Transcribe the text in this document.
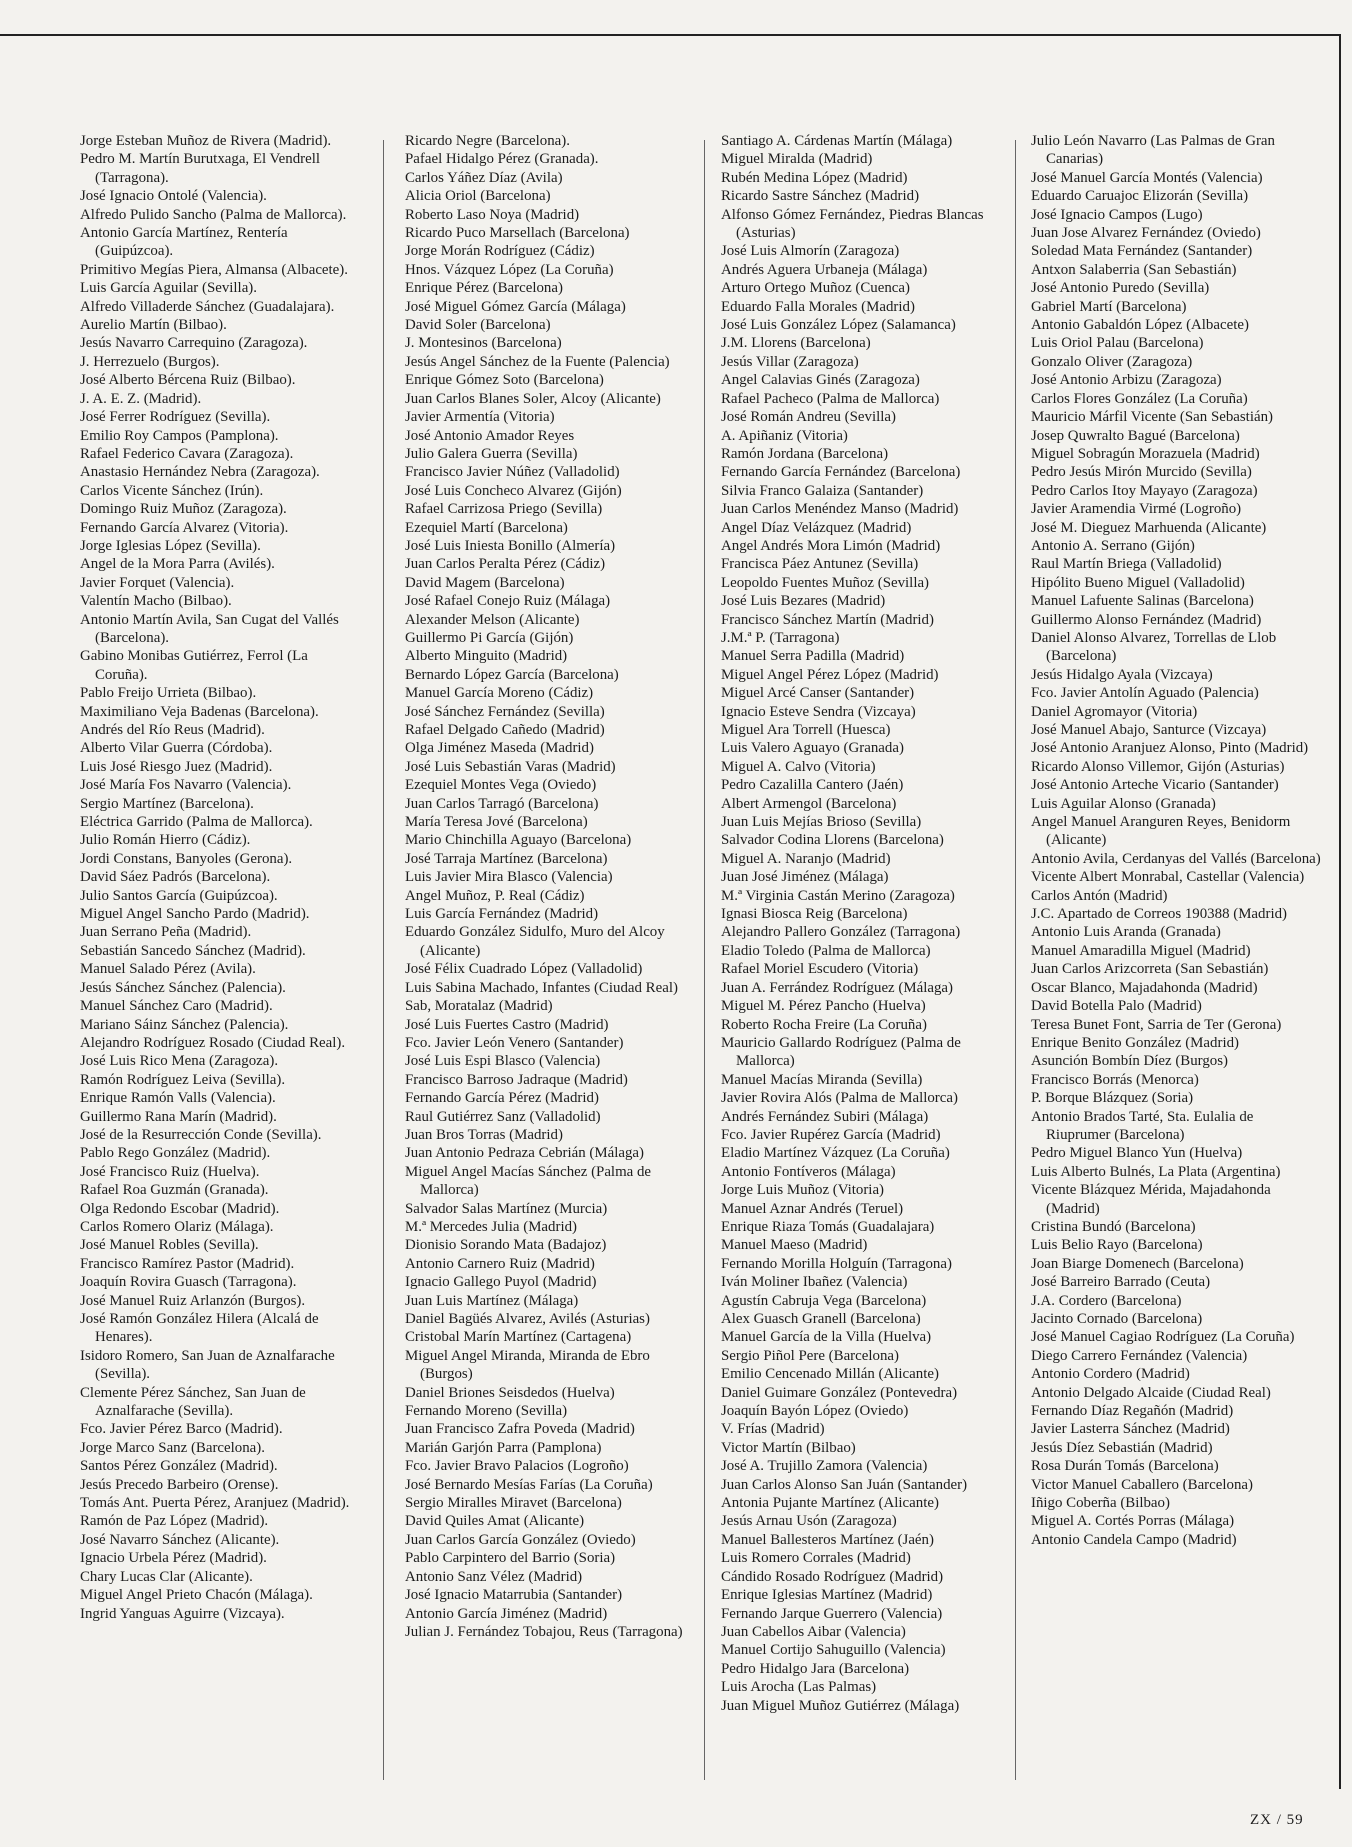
Jorge Esteban Muñoz de Rivera (Madrid).

Pedro M. Martín Burutxaga, El Vendrell (Tarragona).

José Ignacio Ontolé (Valencia).

Alfredo Pulido Sancho (Palma de Mallorca).

Antonio García Martínez, Rentería (Guipúzcoa).

Primitivo Megías Piera, Almansa (Albacete).

Luis García Aguilar (Sevilla).

Alfredo Villaderde Sánchez (Guadalajara).

Aurelio Martín (Bilbao).

Jesús Navarro Carrequino (Zaragoza).

J. Herrezuelo (Burgos).

José Alberto Bércena Ruiz (Bilbao).

J. A. E. Z. (Madrid).

José Ferrer Rodríguez (Sevilla).

Emilio Roy Campos (Pamplona).

Rafael Federico Cavara (Zaragoza).

Anastasio Hernández Nebra (Zaragoza).

Carlos Vicente Sánchez (Irún).

Domingo Ruiz Muñoz (Zaragoza).

Fernando García Alvarez (Vitoria).

Jorge Iglesias López (Sevilla).

Angel de la Mora Parra (Avilés).

Javier Forquet (Valencia).

Valentín Macho (Bilbao).

Antonio Martín Avila, San Cugat del Vallés (Barcelona).

Gabino Monibas Gutiérrez, Ferrol (La Coruña).

Pablo Freijo Urrieta (Bilbao).

Maximiliano Veja Badenas (Barcelona).

Andrés del Río Reus (Madrid).

Alberto Vilar Guerra (Córdoba).

Luis José Riesgo Juez (Madrid).

José María Fos Navarro (Valencia).

Sergio Martínez (Barcelona).

Eléctrica Garrido (Palma de Mallorca).

Julio Román Hierro (Cádiz).

Jordi Constans, Banyoles (Gerona).

David Sáez Padrós (Barcelona).

Julio Santos García (Guipúzcoa).

Miguel Angel Sancho Pardo (Madrid).

Juan Serrano Peña (Madrid).

Sebastián Sancedo Sánchez (Madrid).

Manuel Salado Pérez (Avila).

Jesús Sánchez Sánchez (Palencia).

Manuel Sánchez Caro (Madrid).

Mariano Sáinz Sánchez (Palencia).

Alejandro Rodríguez Rosado (Ciudad Real).

José Luis Rico Mena (Zaragoza).

Ramón Rodríguez Leiva (Sevilla).

Enrique Ramón Valls (Valencia).

Guillermo Rana Marín (Madrid).

José de la Resurrección Conde (Sevilla).

Pablo Rego González (Madrid).

José Francisco Ruiz (Huelva).

Rafael Roa Guzmán (Granada).

Olga Redondo Escobar (Madrid).

Carlos Romero Olariz (Málaga).

José Manuel Robles (Sevilla).

Francisco Ramírez Pastor (Madrid).

Joaquín Rovira Guasch (Tarragona).

José Manuel Ruiz Arlanzón (Burgos).

José Ramón González Hilera (Alcalá de Henares).

Isidoro Romero, San Juan de Aznalfarache (Sevilla).

Clemente Pérez Sánchez, San Juan de Aznalfarache (Sevilla).

Fco. Javier Pérez Barco (Madrid).

Jorge Marco Sanz (Barcelona).

Santos Pérez González (Madrid).

Jesús Precedo Barbeiro (Orense).

Tomás Ant. Puerta Pérez, Aranjuez (Madrid).

Ramón de Paz López (Madrid).

José Navarro Sánchez (Alicante).

Ignacio Urbela Pérez (Madrid).

Chary Lucas Clar (Alicante).

Miguel Angel Prieto Chacón (Málaga).

Ingrid Yanguas Aguirre (Vizcaya).

Ricardo Negre (Barcelona).

Pafael Hidalgo Pérez (Granada).

Carlos Yáñez Díaz (Avila)

Alicia Oriol (Barcelona)

Roberto Laso Noya (Madrid)

Ricardo Puco Marsellach (Barcelona)

Jorge Morán Rodríguez (Cádiz)

Hnos. Vázquez López (La Coruña)

Enrique Pérez (Barcelona)

José Miguel Gómez García (Málaga)

David Soler (Barcelona)

J. Montesinos (Barcelona)

Jesús Angel Sánchez de la Fuente (Palencia)

Enrique Gómez Soto (Barcelona)

Juan Carlos Blanes Soler, Alcoy (Alicante)

Javier Armentía (Vitoria)

José Antonio Amador Reyes

Julio Galera Guerra (Sevilla)

Francisco Javier Núñez (Valladolid)

José Luis Concheco Alvarez (Gijón)

Rafael Carrizosa Priego (Sevilla)

Ezequiel Martí (Barcelona)

José Luis Iniesta Bonillo (Almería)

Juan Carlos Peralta Pérez (Cádiz)

David Magem (Barcelona)

José Rafael Conejo Ruiz (Málaga)

Alexander Melson (Alicante)

Guillermo Pi García (Gijón)

Alberto Minguito (Madrid)

Bernardo López García (Barcelona)

Manuel García Moreno (Cádiz)

José Sánchez Fernández (Sevilla)

Rafael Delgado Cañedo (Madrid)

Olga Jiménez Maseda (Madrid)

José Luis Sebastián Varas (Madrid)

Ezequiel Montes Vega (Oviedo)

Juan Carlos Tarragó (Barcelona)

María Teresa Jové (Barcelona)

Mario Chinchilla Aguayo (Barcelona)

José Tarraja Martínez (Barcelona)

Luis Javier Mira Blasco (Valencia)

Angel Muñoz, P. Real (Cádiz)

Luis García Fernández (Madrid)

Eduardo González Sidulfo, Muro del Alcoy (Alicante)

José Félix Cuadrado López (Valladolid)

Luis Sabina Machado, Infantes (Ciudad Real)

Sab, Moratalaz (Madrid)

José Luis Fuertes Castro (Madrid)

Fco. Javier León Venero (Santander)

José Luis Espi Blasco (Valencia)

Francisco Barroso Jadraque (Madrid)

Fernando García Pérez (Madrid)

Raul Gutiérrez Sanz (Valladolid)

Juan Bros Torras (Madrid)

Juan Antonio Pedraza Cebrián (Málaga)

Miguel Angel Macías Sánchez (Palma de Mallorca)

Salvador Salas Martínez (Murcia)

M.ª Mercedes Julia (Madrid)

Dionisio Sorando Mata (Badajoz)

Antonio Carnero Ruiz (Madrid)

Ignacio Gallego Puyol (Madrid)

Juan Luis Martínez (Málaga)

Daniel Bagüés Alvarez, Avilés (Asturias)

Cristobal Marín Martínez (Cartagena)

Miguel Angel Miranda, Miranda de Ebro (Burgos)

Daniel Briones Seisdedos (Huelva)

Fernando Moreno (Sevilla)

Juan Francisco Zafra Poveda (Madrid)

Marián Garjón Parra (Pamplona)

Fco. Javier Bravo Palacios (Logroño)

José Bernardo Mesías Farías (La Coruña)

Sergio Miralles Miravet (Barcelona)

David Quiles Amat (Alicante)

Juan Carlos García González (Oviedo)

Pablo Carpintero del Barrio (Soria)

Antonio Sanz Vélez (Madrid)

José Ignacio Matarrubia (Santander)

Antonio García Jiménez (Madrid)

Julian J. Fernández Tobajou, Reus (Tarragona)

Santiago A. Cárdenas Martín (Málaga)

Miguel Miralda (Madrid)

Rubén Medina López (Madrid)

Ricardo Sastre Sánchez (Madrid)

Alfonso Gómez Fernández, Piedras Blancas (Asturias)

José Luis Almorín (Zaragoza)

Andrés Aguera Urbaneja (Málaga)

Arturo Ortego Muñoz (Cuenca)

Eduardo Falla Morales (Madrid)

José Luis González López (Salamanca)

J.M. Llorens (Barcelona)

Jesús Villar (Zaragoza)

Angel Calavias Ginés (Zaragoza)

Rafael Pacheco (Palma de Mallorca)

José Román Andreu (Sevilla)

A. Apiñaniz (Vitoria)

Ramón Jordana (Barcelona)

Fernando García Fernández (Barcelona)

Silvia Franco Galaiza (Santander)

Juan Carlos Menéndez Manso (Madrid)

Angel Díaz Velázquez (Madrid)

Angel Andrés Mora Limón (Madrid)

Francisca Páez Antunez (Sevilla)

Leopoldo Fuentes Muñoz (Sevilla)

José Luis Bezares (Madrid)

Francisco Sánchez Martín (Madrid)

J.M.ª P. (Tarragona)

Manuel Serra Padilla (Madrid)

Miguel Angel Pérez López (Madrid)

Miguel Arcé Canser (Santander)

Ignacio Esteve Sendra (Vizcaya)

Miguel Ara Torrell (Huesca)

Luis Valero Aguayo (Granada)

Miguel A. Calvo (Vitoria)

Pedro Cazalilla Cantero (Jaén)

Albert Armengol (Barcelona)

Juan Luis Mejías Brioso (Sevilla)

Salvador Codina Llorens (Barcelona)

Miguel A. Naranjo (Madrid)

Juan José Jiménez (Málaga)

M.ª Virginia Castán Merino (Zaragoza)

Ignasi Biosca Reig (Barcelona)

Alejandro Pallero González (Tarragona)

Eladio Toledo (Palma de Mallorca)

Rafael Moriel Escudero (Vitoria)

Juan A. Ferrández Rodríguez (Málaga)

Miguel M. Pérez Pancho (Huelva)

Roberto Rocha Freire (La Coruña)

Mauricio Gallardo Rodríguez (Palma de Mallorca)

Manuel Macías Miranda (Sevilla)

Javier Rovira Alós (Palma de Mallorca)

Andrés Fernández Subiri (Málaga)

Fco. Javier Rupérez García (Madrid)

Eladio Martínez Vázquez (La Coruña)

Antonio Fontíveros (Málaga)

Jorge Luis Muñoz (Vitoria)

Manuel Aznar Andrés (Teruel)

Enrique Riaza Tomás (Guadalajara)

Manuel Maeso (Madrid)

Fernando Morilla Holguín (Tarragona)

Iván Moliner Ibañez (Valencia)

Agustín Cabruja Vega (Barcelona)

Alex Guasch Granell (Barcelona)

Manuel García de la Villa (Huelva)

Sergio Piñol Pere (Barcelona)

Emilio Cencenado Millán (Alicante)

Daniel Guimare González (Pontevedra)

Joaquín Bayón López (Oviedo)

V. Frías (Madrid)

Victor Martín (Bilbao)

José A. Trujillo Zamora (Valencia)

Juan Carlos Alonso San Juán (Santander)

Antonia Pujante Martínez (Alicante)

Jesús Arnau Usón (Zaragoza)

Manuel Ballesteros Martínez (Jaén)

Luis Romero Corrales (Madrid)

Cándido Rosado Rodríguez (Madrid)

Enrique Iglesias Martínez (Madrid)

Fernando Jarque Guerrero (Valencia)

Juan Cabellos Aibar (Valencia)

Manuel Cortijo Sahuguillo (Valencia)

Pedro Hidalgo Jara (Barcelona)

Luis Arocha (Las Palmas)

Juan Miguel Muñoz Gutiérrez (Málaga)

Julio León Navarro (Las Palmas de Gran Canarias)

José Manuel García Montés (Valencia)

Eduardo Caruajoc Elizorán (Sevilla)

José Ignacio Campos (Lugo)

Juan Jose Alvarez Fernández (Oviedo)

Soledad Mata Fernández (Santander)

Antxon Salaberria (San Sebastián)

José Antonio Puredo (Sevilla)

Gabriel Martí (Barcelona)

Antonio Gabaldón López (Albacete)

Luis Oriol Palau (Barcelona)

Gonzalo Oliver (Zaragoza)

José Antonio Arbizu (Zaragoza)

Carlos Flores González (La Coruña)

Mauricio Márfil Vicente (San Sebastián)

Josep Quwralto Bagué (Barcelona)

Miguel Sobragún Morazuela (Madrid)

Pedro Jesús Mirón Murcido (Sevilla)

Pedro Carlos Itoy Mayayo (Zaragoza)

Javier Aramendia Virmé (Logroño)

José M. Dieguez Marhuenda (Alicante)

Antonio A. Serrano (Gijón)

Raul Martín Briega (Valladolid)

Hipólito Bueno Miguel (Valladolid)

Manuel Lafuente Salinas (Barcelona)

Guillermo Alonso Fernández (Madrid)

Daniel Alonso Alvarez, Torrellas de Llob (Barcelona)

Jesús Hidalgo Ayala (Vizcaya)

Fco. Javier Antolín Aguado (Palencia)

Daniel Agromayor (Vitoria)

José Manuel Abajo, Santurce (Vizcaya)

José Antonio Aranjuez Alonso, Pinto (Madrid)

Ricardo Alonso Villemor, Gijón (Asturias)

José Antonio Arteche Vicario (Santander)

Luis Aguilar Alonso (Granada)

Angel Manuel Aranguren Reyes, Benidorm (Alicante)

Antonio Avila, Cerdanyas del Vallés (Barcelona)

Vicente Albert Monrabal, Castellar (Valencia)

Carlos Antón (Madrid)

J.C. Apartado de Correos 190388 (Madrid)

Antonio Luis Aranda (Granada)

Manuel Amaradilla Miguel (Madrid)

Juan Carlos Arizcorreta (San Sebastián)

Oscar Blanco, Majadahonda (Madrid)

David Botella Palo (Madrid)

Teresa Bunet Font, Sarria de Ter (Gerona)

Enrique Benito González (Madrid)

Asunción Bombín Díez (Burgos)

Francisco Borrás (Menorca)

P. Borque Blázquez (Soria)

Antonio Brados Tarté, Sta. Eulalia de Riuprumer (Barcelona)

Pedro Miguel Blanco Yun (Huelva)

Luis Alberto Bulnés, La Plata (Argentina)

Vicente Blázquez Mérida, Majadahonda (Madrid)

Cristina Bundó (Barcelona)

Luis Belio Rayo (Barcelona)

Joan Biarge Domenech (Barcelona)

José Barreiro Barrado (Ceuta)

J.A. Cordero (Barcelona)

Jacinto Cornado (Barcelona)

José Manuel Cagiao Rodríguez (La Coruña)

Diego Carrero Fernández (Valencia)

Antonio Cordero (Madrid)

Antonio Delgado Alcaide (Ciudad Real)

Fernando Díaz Regañón (Madrid)

Javier Lasterra Sánchez (Madrid)

Jesús Díez Sebastián (Madrid)

Rosa Durán Tomás (Barcelona)

Victor Manuel Caballero (Barcelona)

Iñigo Coberña (Bilbao)

Miguel A. Cortés Porras (Málaga)

Antonio Candela Campo (Madrid)

ZX / 59
